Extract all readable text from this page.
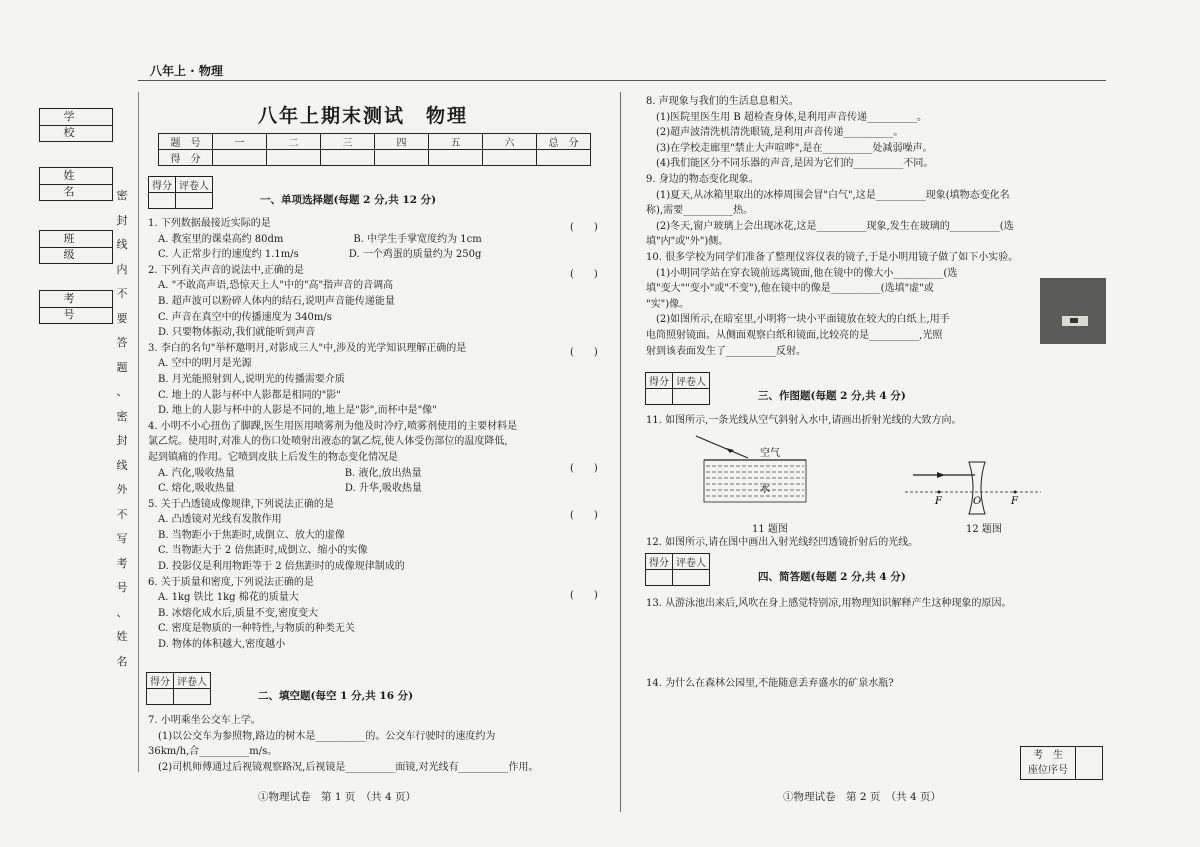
八年上 · 物理
学　校
姓　名
班　级
考　号
密
封
线
内
不
要
答
题
、
密
封
线
外
不
写
考
号
、
姓
名
八年上期末测试　物理
题　号	一	二	三	四	五	六	总　分
得　分							
得分	评卷人

一、单项选择题(每题 2 分,共 12 分)
1. 下列数据最接近实际的是
　A. 教室里的课桌高约 80dm　　　　　　　B. 中学生手掌宽度约为 1cm
　C. 人正常步行的速度约 1.1m/s　　　　　D. 一个鸡蛋的质量约为 250g
2. 下列有关声音的说法中,正确的是
　A. "不敢高声语,恐惊天上人"中的"高"指声音的音调高
　B. 超声波可以粉碎人体内的结石,说明声音能传递能量
　C. 声音在真空中的传播速度为 340m/s
　D. 只要物体振动,我们就能听到声音
3. 李白的名句"举杯邀明月,对影成三人"中,涉及的光学知识理解正确的是
　A. 空中的明月是光源
　B. 月光能照射到人,说明光的传播需要介质
　C. 地上的人影与杯中人影都是相同的"影"
　D. 地上的人影与杯中的人影是不同的,地上是"影",而杯中是"像"
4. 小明不小心扭伤了脚踝,医生用医用喷雾剂为他及时冷疗,喷雾剂使用的主要材料是
氯乙烷。使用时,对准人的伤口处喷射出液态的氯乙烷,使人体受伤部位的温度降低,
起到镇痛的作用。它喷到皮肤上后发生的物态变化情况是
　A. 汽化,吸收热量　　　　　　　　　　　B. 液化,放出热量
　C. 熔化,吸收热量　　　　　　　　　　　D. 升华,吸收热量
5. 关于凸透镜成像规律,下列说法正确的是
　A. 凸透镜对光线有发散作用
　B. 当物距小于焦距时,成倒立、放大的虚像
　C. 当物距大于 2 倍焦距时,成倒立、缩小的实像
　D. 投影仪是利用物距等于 2 倍焦距时的成像规律制成的
6. 关于质量和密度,下列说法正确的是
　A. 1kg 铁比 1kg 棉花的质量大
　B. 冰熔化成水后,质量不变,密度变大
　C. 密度是物质的一种特性,与物质的种类无关
　D. 物体的体积越大,密度越小
(　　)
(　　)
(　　)
(　　)
(　　)
(　　)
得分	评卷人

二、填空题(每空 1 分,共 16 分)
7. 小明乘坐公交车上学。
　(1)以公交车为参照物,路边的树木是__________的。公交车行驶时的速度约为
36km/h,合__________m/s。
　(2)司机师傅通过后视镜观察路况,后视镜是__________面镜,对光线有__________作用。
①物理试卷　第 1 页　（共 4 页）
8. 声现象与我们的生活息息相关。
　(1)医院里医生用 B 超检查身体,是利用声音传递__________。
　(2)超声波清洗机清洗眼镜,是利用声音传递__________。
　(3)在学校走廊里"禁止大声喧哗",是在__________处减弱噪声。
　(4)我们能区分不同乐器的声音,是因为它们的__________不同。
9. 身边的物态变化现象。
　(1)夏天,从冰箱里取出的冰棒周围会冒"白气",这是__________现象(填物态变化名
称),需要__________热。
　(2)冬天,窗户玻璃上会出现冰花,这是__________现象,发生在玻璃的__________(选
填"内"或"外")侧。
10. 很多学校为同学们准备了整理仪容仪表的镜子,于是小明用镜子做了如下小实验。
　(1)小明同学站在穿衣镜前远离镜面,他在镜中的像大小__________(选
填"变大""变小"或"不变"),他在镜中的像是__________(选填"虚"或
"实")像。
　(2)如图所示,在暗室里,小明将一块小平面镜放在较大的白纸上,用手
电筒照射镜面。从侧面观察白纸和镜面,比较亮的是__________,光照
射到该表面发生了__________反射。
得分	评卷人

三、作图题(每题 2 分,共 4 分)
11. 如图所示,一条光线从空气斜射入水中,请画出折射光线的大致方向。
空气
水
11 题图
F	O	F
12 题图
12. 如图所示,请在图中画出入射光线经凹透镜折射后的光线。
得分	评卷人

四、简答题(每题 2 分,共 4 分)
13. 从游泳池出来后,风吹在身上感觉特别凉,用物理知识解释产生这种现象的原因。
14. 为什么在森林公园里,不能随意丢弃盛水的矿泉水瓶?
考　生
座位序号	
①物理试卷　第 2 页　（共 4 页）
